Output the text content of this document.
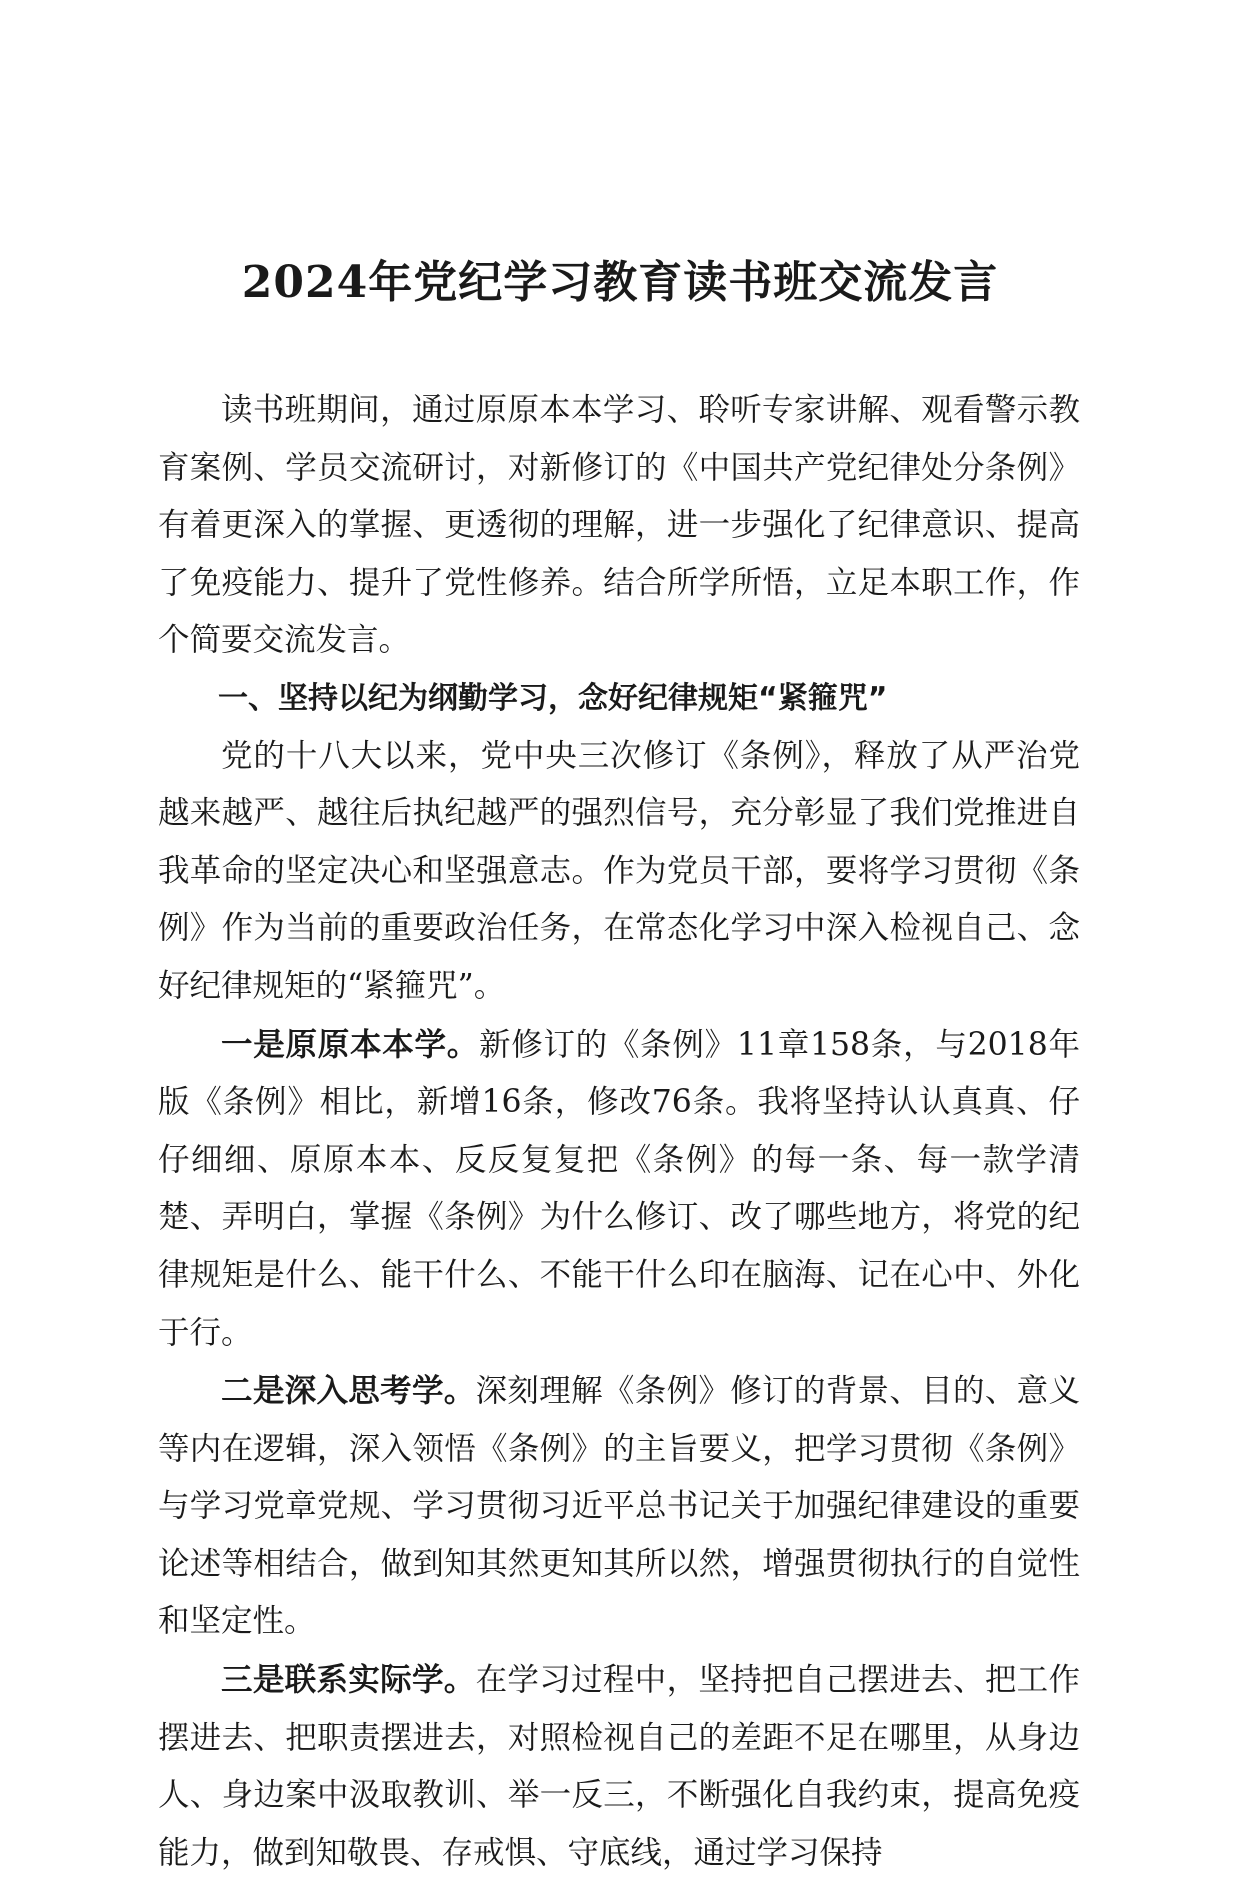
2024年党纪学习教育读书班交流发言

读书班期间，通过原原本本学习、聆听专家讲解、观看警示教育案例、学员交流研讨，对新修订的《中国共产党纪律处分条例》有着更深入的掌握、更透彻的理解，进一步强化了纪律意识、提高了免疫能力、提升了党性修养。结合所学所悟，立足本职工作，作个简要交流发言。

一、坚持以纪为纲勤学习，念好纪律规矩“紧箍咒”

党的十八大以来，党中央三次修订《条例》，释放了从严治党越来越严、越往后执纪越严的强烈信号，充分彰显了我们党推进自我革命的坚定决心和坚强意志。作为党员干部，要将学习贯彻《条例》作为当前的重要政治任务，在常态化学习中深入检视自己、念好纪律规矩的“紧箍咒”。

一是原原本本学。新修订的《条例》11章158条，与2018年版《条例》相比，新增16条，修改76条。我将坚持认认真真、仔仔细细、原原本本、反反复复把《条例》的每一条、每一款学清楚、弄明白，掌握《条例》为什么修订、改了哪些地方，将党的纪律规矩是什么、能干什么、不能干什么印在脑海、记在心中、外化于行。

二是深入思考学。深刻理解《条例》修订的背景、目的、意义等内在逻辑，深入领悟《条例》的主旨要义，把学习贯彻《条例》与学习党章党规、学习贯彻习近平总书记关于加强纪律建设的重要论述等相结合，做到知其然更知其所以然，增强贯彻执行的自觉性和坚定性。

三是联系实际学。在学习过程中，坚持把自己摆进去、把工作摆进去、把职责摆进去，对照检视自己的差距不足在哪里，从身边人、身边案中汲取教训、举一反三，不断强化自我约束，提高免疫能力，做到知敬畏、存戒惧、守底线，通过学习保持
